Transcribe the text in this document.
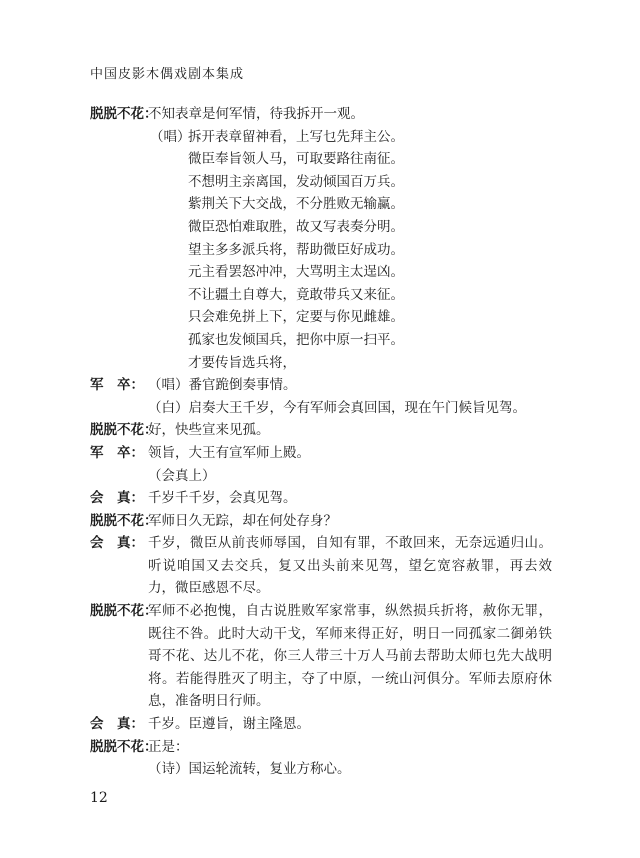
中国皮影木偶戏剧本集成
脱脱不花：
不知表章是何军情，待我拆开一观。
（唱）
拆开表章留神看，上写乜先拜主公。
微臣奉旨领人马，可取要路往南征。
不想明主亲离国，发动倾国百万兵。
紫荆关下大交战，不分胜败无输赢。
微臣恐怕难取胜，故又写表奏分明。
望主多多派兵将，帮助微臣好成功。
元主看罢怒冲冲，大骂明主太逞凶。
不让疆土自尊大，竟敢带兵又来征。
只会难免拼上下，定要与你见雌雄。
孤家也发倾国兵，把你中原一扫平。
才要传旨选兵将，
军　卒： （唱）番官跪倒奏事情。
（白）启奏大王千岁，今有军师会真回国，现在午门候旨见驾。
脱脱不花：
好，快些宣来见孤。
军　卒： 领旨，大王有宣军师上殿。
（会真上）
会　真： 千岁千千岁，会真见驾。
脱脱不花：
军师日久无踪，却在何处存身？
会　真： 千岁，微臣从前丧师辱国，自知有罪，不敢回来，无奈远遁归山。听说咱国又去交兵，复又出头前来见驾，望乞宽容赦罪，再去效力，微臣感恩不尽。
脱脱不花：
军师不必抱愧，自古说胜败军家常事，纵然损兵折将，赦你无罪，既往不咎。此时大动干戈，军师来得正好，明日一同孤家二御弟铁哥不花、达儿不花，你三人带三十万人马前去帮助太师乜先大战明将。若能得胜灭了明主，夺了中原，一统山河俱分。军师去原府休息，准备明日行师。
会　真： 千岁。臣遵旨，谢主隆恩。
脱脱不花：
正是：
（诗）国运轮流转，复业方称心。
12
